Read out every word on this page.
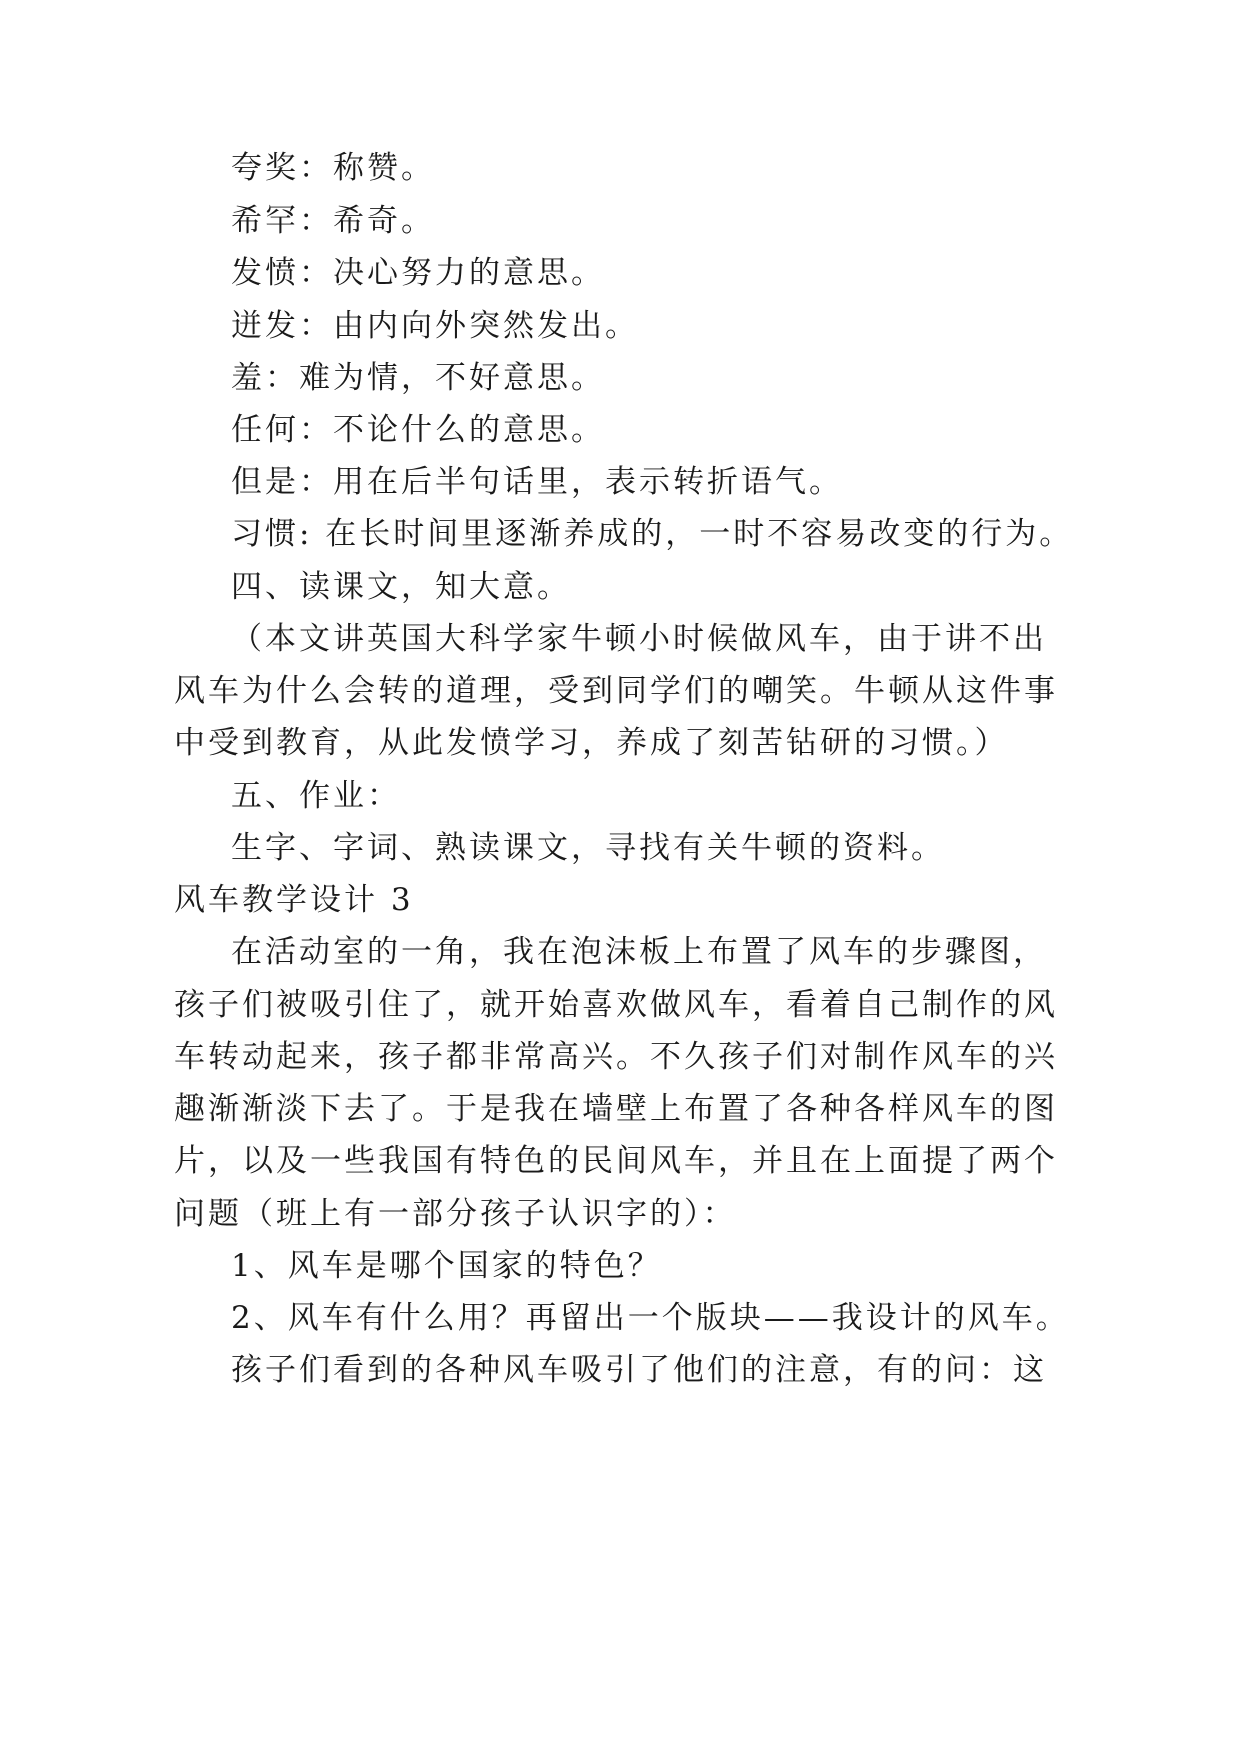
夸奖：称赞。
希罕：希奇。
发愤：决心努力的意思。
迸发：由内向外突然发出。
羞：难为情，不好意思。
任何：不论什么的意思。
但是：用在后半句话里，表示转折语气。
习惯: 在长时间里逐渐养成的，一时不容易改变的行为。
四、读课文，知大意。
（本文讲英国大科学家牛顿小时候做风车，由于讲不出
风车为什么会转的道理，受到同学们的嘲笑。牛顿从这件事
中受到教育，从此发愤学习，养成了刻苦钻研的习惯。）
五、作业：
生字、字词、熟读课文，寻找有关牛顿的资料。
风车教学设计 3
在活动室的一角，我在泡沫板上布置了风车的步骤图，
孩子们被吸引住了，就开始喜欢做风车，看着自己制作的风
车转动起来，孩子都非常高兴。不久孩子们对制作风车的兴
趣渐渐淡下去了。于是我在墙壁上布置了各种各样风车的图
片，以及一些我国有特色的民间风车，并且在上面提了两个
问题（班上有一部分孩子认识字的）：
1、风车是哪个国家的特色？
2、风车有什么用？再留出一个版块——我设计的风车。
孩子们看到的各种风车吸引了他们的注意，有的问：这
